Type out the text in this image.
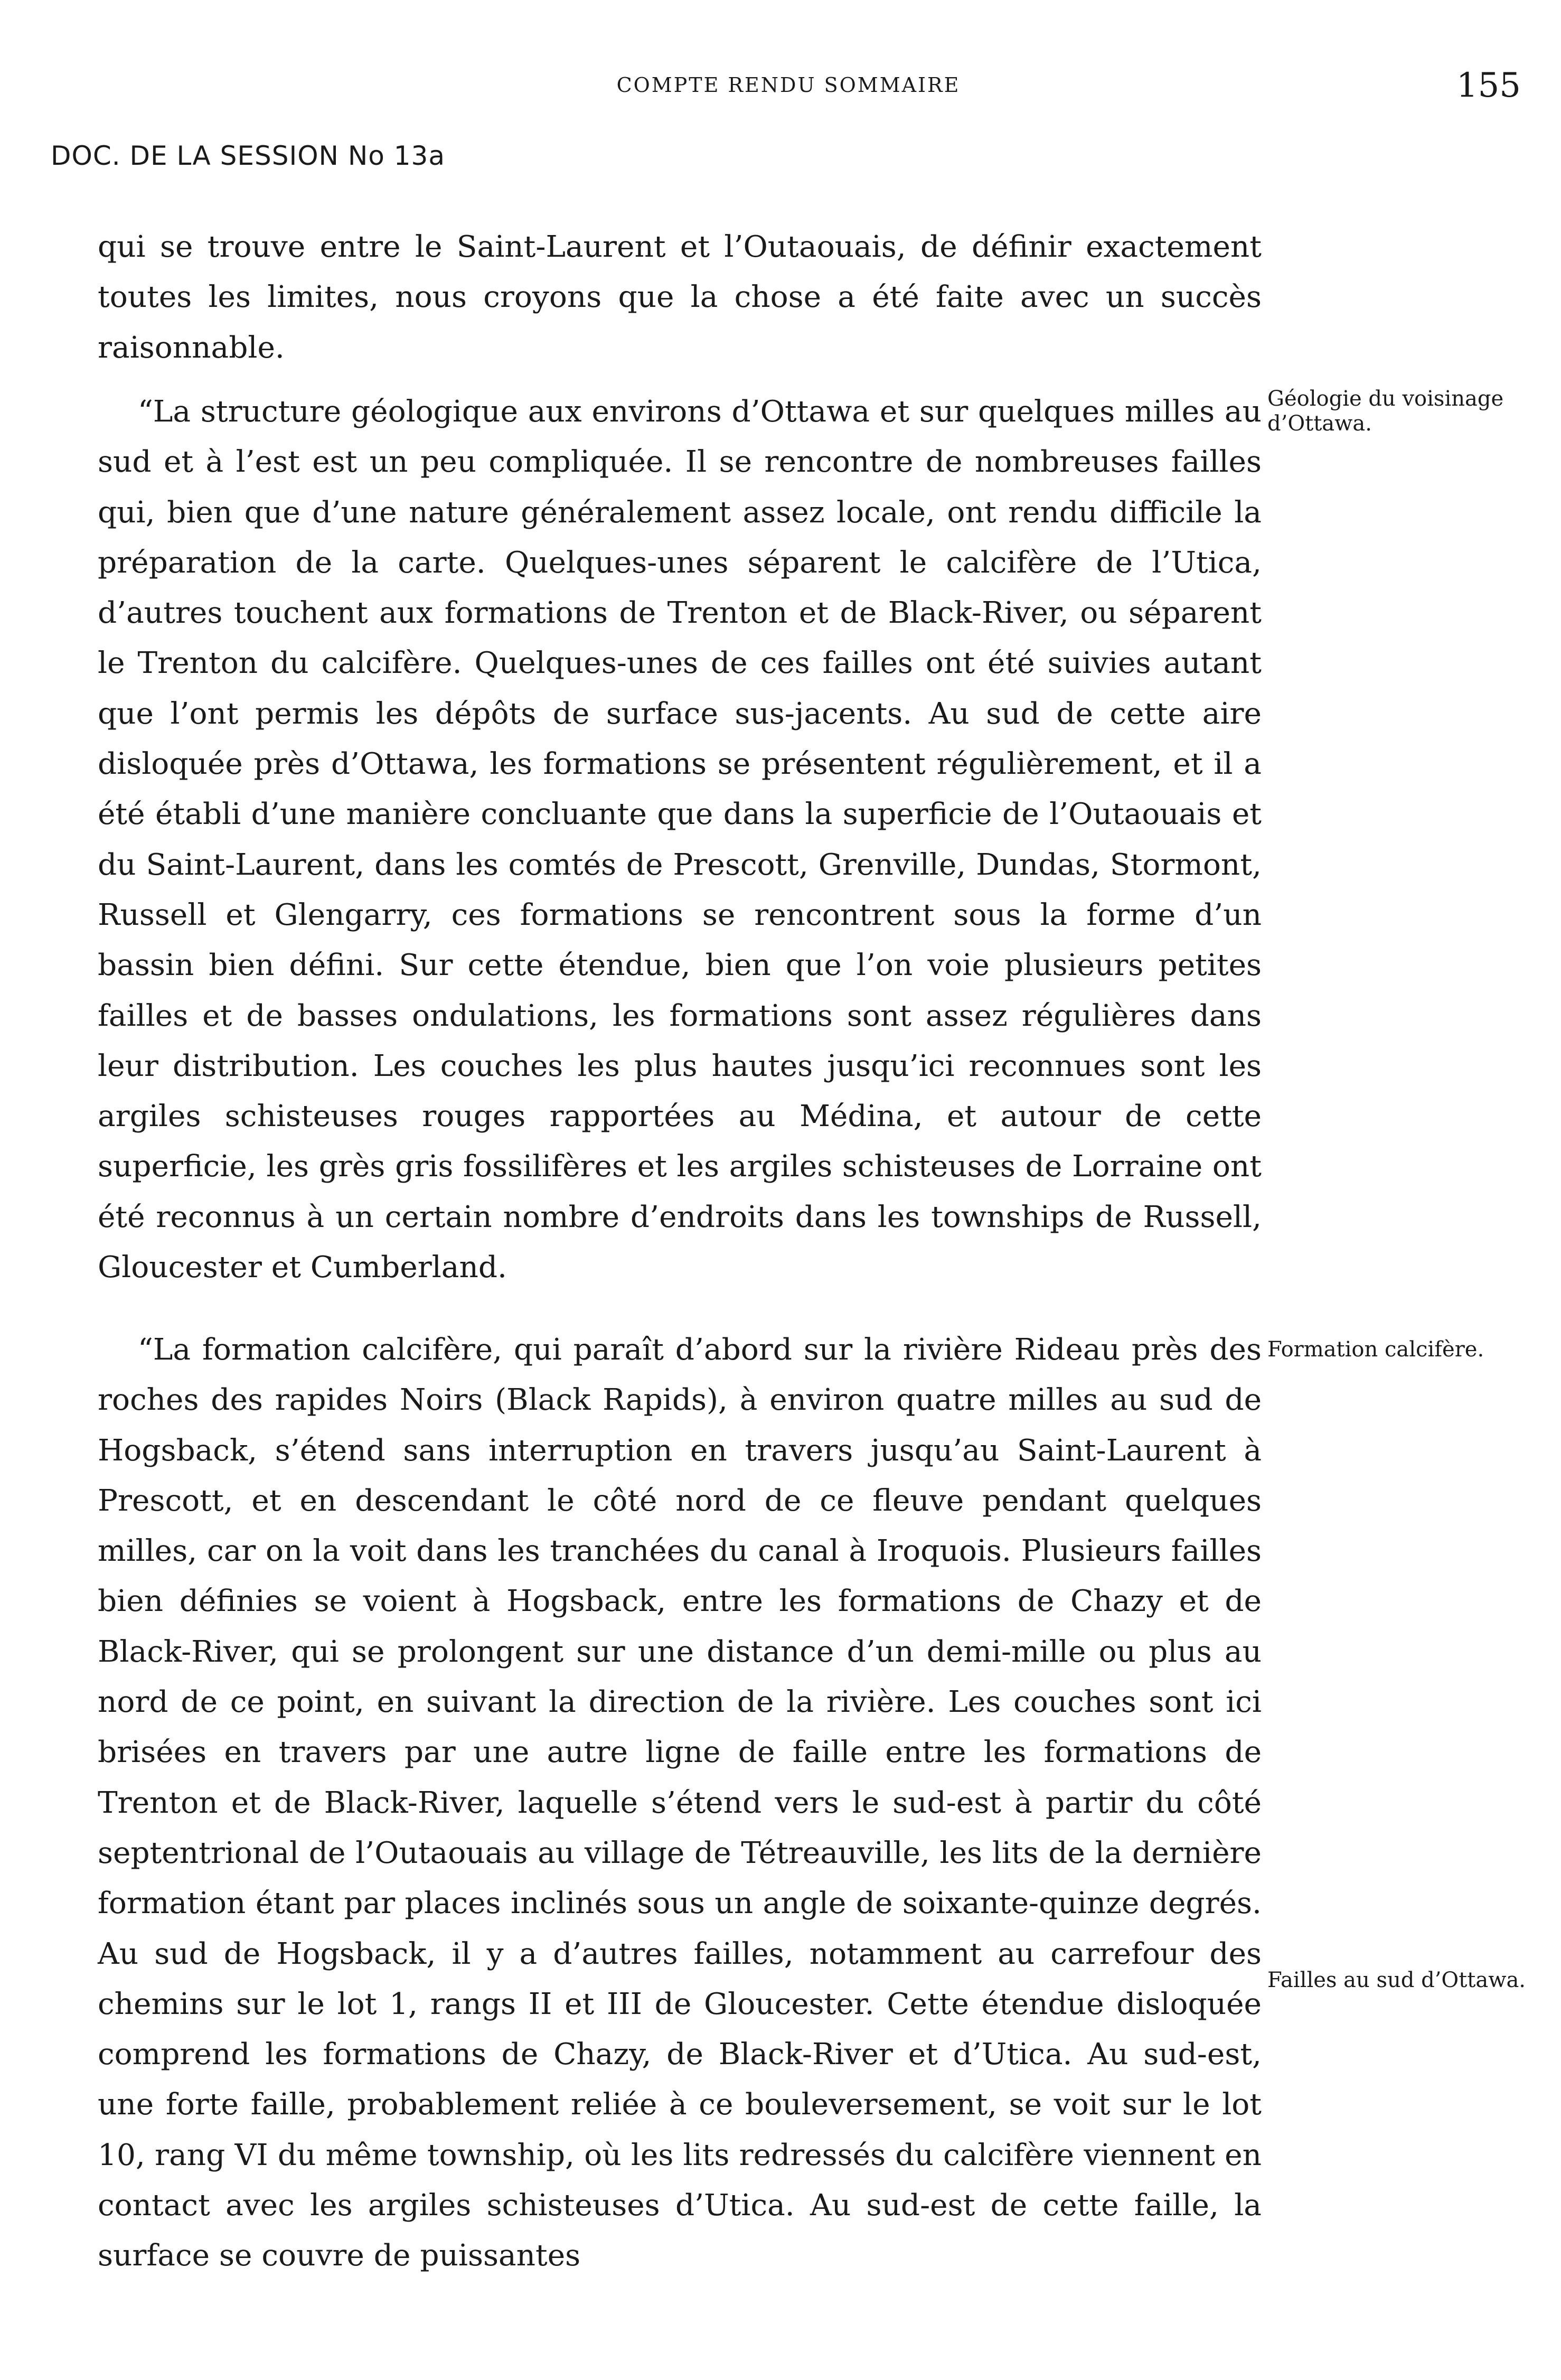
COMPTE RENDU SOMMAIRE	155
DOC. DE LA SESSION No 13a

qui se trouve entre le Saint-Laurent et l’Outaouais, de définir exactement toutes les limites, nous croyons que la chose a été faite avec un succès raisonnable.

“La structure géologique aux environs d’Ottawa et sur quelques milles au sud et à l’est est un peu compliquée. Il se rencontre de nombreuses failles qui, bien que d’une nature généralement assez locale, ont rendu difficile la préparation de la carte. Quelques-unes séparent le calcifère de l’Utica, d’autres touchent aux formations de Trenton et de Black-River, ou séparent le Trenton du calcifère. Quelques-unes de ces failles ont été suivies autant que l’ont permis les dépôts de surface sus-jacents. Au sud de cette aire disloquée près d’Ottawa, les formations se présentent régulièrement, et il a été établi d’une manière concluante que dans la superficie de l’Outaouais et du Saint-Laurent, dans les comtés de Prescott, Grenville, Dundas, Stormont, Russell et Glengarry, ces formations se rencontrent sous la forme d’un bassin bien défini. Sur cette étendue, bien que l’on voie plusieurs petites failles et de basses ondulations, les formations sont assez régulières dans leur distribution. Les couches les plus hautes jusqu’ici reconnues sont les argiles schisteuses rouges rapportées au Médina, et autour de cette superficie, les grès gris fossilifères et les argiles schisteuses de Lorraine ont été reconnus à un certain nombre d’endroits dans les townships de Russell, Gloucester et Cumberland.

“La formation calcifère, qui paraît d’abord sur la rivière Rideau près des roches des rapides Noirs (Black Rapids), à environ quatre milles au sud de Hogsback, s’étend sans interruption en travers jusqu’au Saint-Laurent à Prescott, et en descendant le côté nord de ce fleuve pendant quelques milles, car on la voit dans les tranchées du canal à Iroquois. Plusieurs failles bien définies se voient à Hogsback, entre les formations de Chazy et de Black-River, qui se prolongent sur une distance d’un demi-mille ou plus au nord de ce point, en suivant la direction de la rivière. Les couches sont ici brisées en travers par une autre ligne de faille entre les formations de Trenton et de Black-River, laquelle s’étend vers le sud-est à partir du côté septentrional de l’Outaouais au village de Tétreauville, les lits de la dernière formation étant par places inclinés sous un angle de soixante-quinze degrés. Au sud de Hogsback, il y a d’autres failles, notamment au carrefour des chemins sur le lot 1, rangs II et III de Gloucester. Cette étendue disloquée comprend les formations de Chazy, de Black-River et d’Utica. Au sud-est, une forte faille, probablement reliée à ce bouleversement, se voit sur le lot 10, rang VI du même township, où les lits redressés du calcifère viennent en contact avec les argiles schisteuses d’Utica. Au sud-est de cette faille, la surface se couvre de puissantes

Géologie du voisinage d’Ottawa.

Formation calcifère.

Failles au sud d’Ottawa.
